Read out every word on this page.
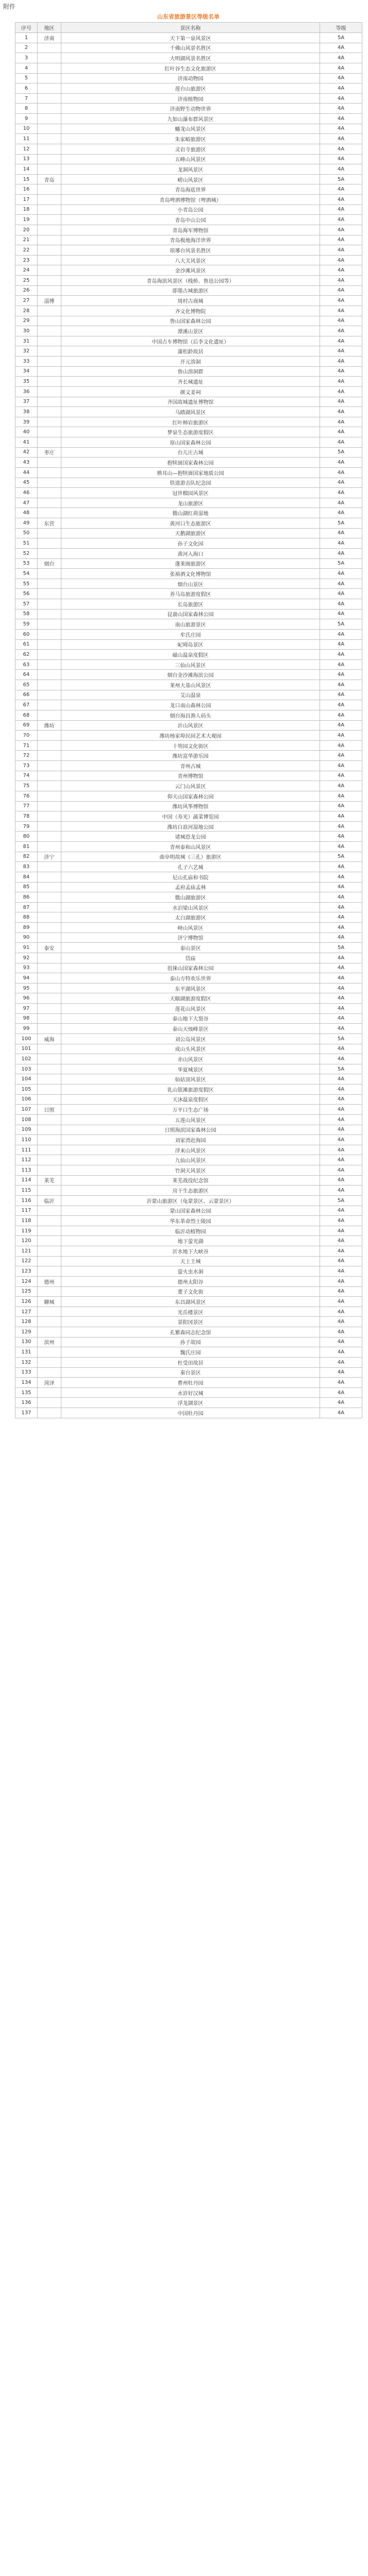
附件
山东省旅游景区等级名单
序号	地区	景区名称	等级
1	济南	天下第一泉风景区	5A
2		千佛山风景名胜区	4A
3		大明湖风景名胜区	4A
4		红叶谷生态文化旅游区	4A
5		济南动物园	4A
6		莲台山旅游区	4A
7		济南植物园	4A
8		济南野生动物世界	4A
9		九如山瀑布群风景区	4A
10		蟠龙山风景区	4A
11		朱家峪旅游区	4A
12		灵岩寺旅游区	4A
13		五峰山风景区	4A
14		龙洞风景区	4A
15	青岛	崂山风景区	5A
16		青岛海底世界	4A
17		青岛啤酒博物馆（啤酒城）	4A
18		小青岛公园	4A
19		青岛中山公园	4A
20		青岛海军博物馆	4A
21		青岛极地海洋世界	4A
22		琅琊台风景名胜区	4A
23		八大关风景区	4A
24		金沙滩风景区	4A
25		青岛海滨风景区（栈桥、鲁迅公园等）	4A
26		即墨古城旅游区	4A
27	淄博	周村古商城	4A
28		齐文化博物院	4A
29		鲁山国家森林公园	4A
30		潭溪山景区	4A
31		中国古车博物馆（后李文化遗址）	4A
32		蒲松龄故居	4A
33		开元溶洞	4A
34		鲁山溶洞群	4A
35		齐长城遗址	4A
36		颜文姜祠	4A
37		齐国故城遗址博物馆	4A
38		马踏湖风景区	4A
39		红叶柿岩旅游区	4A
40		梦泉生态旅游度假区	4A
41		原山国家森林公园	4A
42	枣庄	台儿庄古城	5A
43		抱犊崮国家森林公园	4A
44		熊耳山—抱犊崮国家地质公园	4A
45		铁道游击队纪念园	4A
46		冠世榴园风景区	4A
47		龙山旅游区	4A
48		微山湖红荷湿地	4A
49	东营	黄河口生态旅游区	5A
50		天鹅湖旅游区	4A
51		孙子文化园	4A
52		黄河入海口	4A
53	烟台	蓬莱阁旅游区	5A
54		张裕酒文化博物馆	4A
55		烟台山景区	4A
56		养马岛旅游度假区	4A
57		长岛旅游区	4A
58		昆嵛山国家森林公园	4A
59		南山旅游景区	5A
60		牟氏庄园	4A
61		屺坶岛景区	4A
62		磁山温泉度假区	4A
63		三仙山风景区	4A
64		烟台金沙滩海滨公园	4A
65		莱州大基山风景区	4A
66		艾山温泉	4A
67		龙口南山森林公园	4A
68		烟台海昌渔人码头	4A
69	潍坊	沂山风景区	4A
70		潍坊杨家埠民间艺术大观园	4A
71		十笏园文化街区	4A
72		潍坊富华游乐园	4A
73		青州古城	4A
74		青州博物馆	4A
75		云门山风景区	4A
76		仰天山国家森林公园	4A
77		潍坊风筝博物馆	4A
78		中国（寿光）蔬菜博览园	4A
79		潍坊白浪河湿地公园	4A
80		诸城恐龙公园	4A
81		青州泰和山风景区	4A
82	济宁	曲阜明故城（三孔）旅游区	5A
83		孔子六艺城	4A
84		尼山孔庙和书院	4A
85		孟府孟庙孟林	4A
86		微山湖旅游区	4A
87		水泊梁山风景区	4A
88		太白湖旅游区	4A
89		峄山风景区	4A
90		济宁博物馆	4A
91	泰安	泰山景区	5A
92		岱庙	4A
93		徂徕山国家森林公园	4A
94		泰山方特欢乐世界	4A
95		东平湖风景区	4A
96		天颐湖旅游度假区	4A
97		莲花山风景区	4A
98		泰山地下大裂谷	4A
99		泰山天烛峰景区	4A
100	威海	刘公岛风景区	5A
101		成山头风景区	4A
102		赤山风景区	4A
103		华夏城景区	5A
104		仙姑顶风景区	4A
105		乳山银滩旅游度假区	4A
106		天沐温泉度假区	4A
107	日照	万平口生态广场	4A
108		五莲山风景区	4A
109		日照海滨国家森林公园	4A
110		刘家湾赶海园	4A
111		浮来山风景区	4A
112		九仙山风景区	4A
113		竹洞天风景区	4A
114	莱芜	莱芜战役纪念馆	4A
115		房干生态旅游区	4A
116	临沂	沂蒙山旅游区（龟蒙景区、云蒙景区）	5A
117		蒙山国家森林公园	4A
118		华东革命烈士陵园	4A
119		临沂动植物园	4A
120		地下萤光湖	4A
121		沂水地下大峡谷	4A
122		天上王城	4A
123		萤火虫水洞	4A
124	德州	德州太阳谷	4A
125		董子文化街	4A
126	聊城	东昌湖风景区	4A
127		光岳楼景区	4A
128		景阳冈景区	4A
129		孔繁森同志纪念馆	4A
130	滨州	孙子故园	4A
131		魏氏庄园	4A
132		杜受田故居	4A
133		秦台景区	4A
134	菏泽	曹州牡丹园	4A
135		水浒好汉城	4A
136		浮龙湖景区	4A
137		中国牡丹园	4A
